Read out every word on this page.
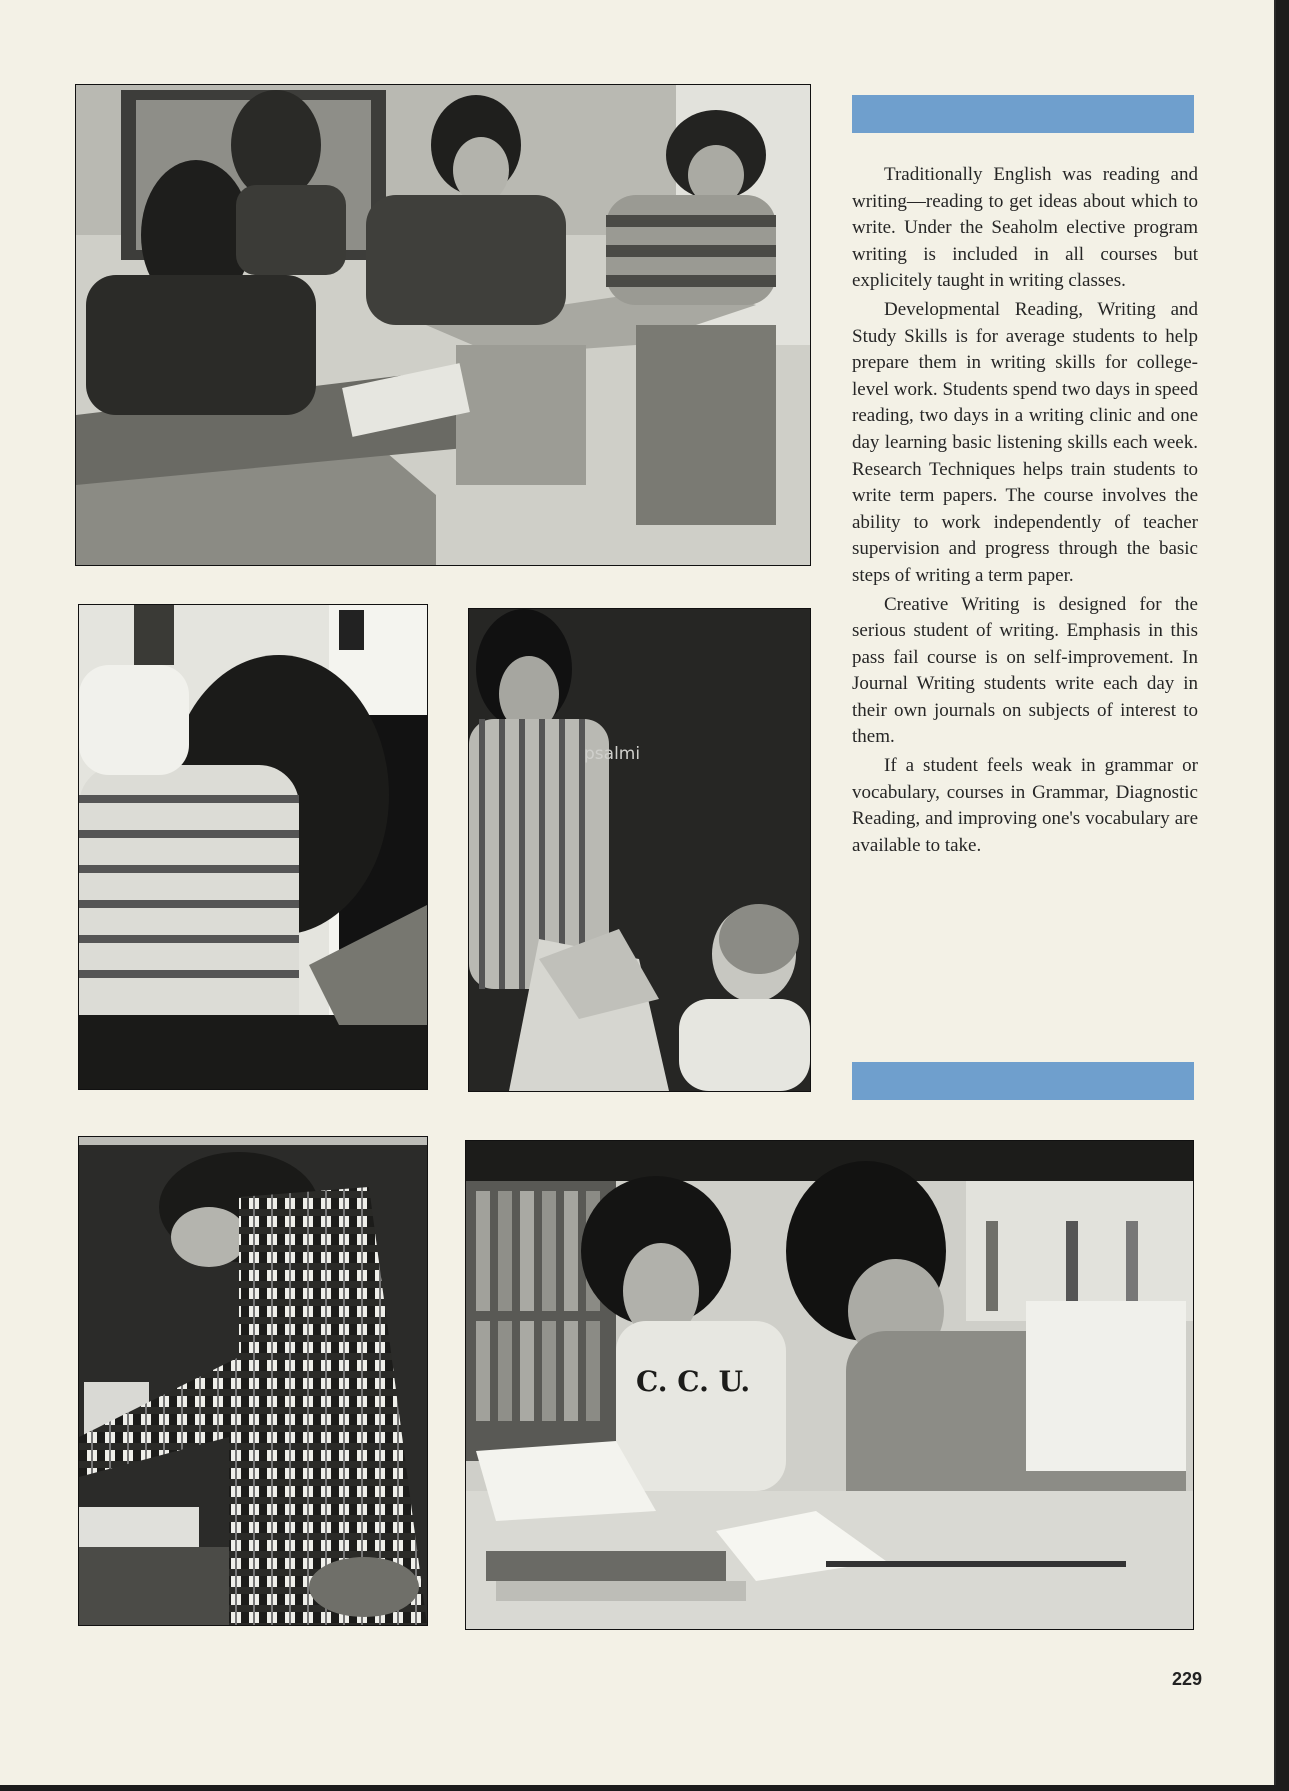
psalmi
C. C. U.

Traditionally English was reading and writing—reading to get ideas about which to write. Under the Seaholm elective program writing is included in all courses but explicitely taught in writing classes.

Developmental Reading, Writing and Study Skills is for average students to help prepare them in writing skills for college-level work. Students spend two days in speed reading, two days in a writing clinic and one day learning basic listening skills each week. Research Techniques helps train students to write term papers. The course involves the ability to work independently of teacher supervision and progress through the basic steps of writing a term paper.

Creative Writing is designed for the serious student of writing. Emphasis in this pass fail course is on self-improvement. In Journal Writing students write each day in their own journals on subjects of interest to them.

If a student feels weak in grammar or vocabulary, courses in Grammar, Diagnostic Reading, and improving one's vocabulary are available to take.

229
